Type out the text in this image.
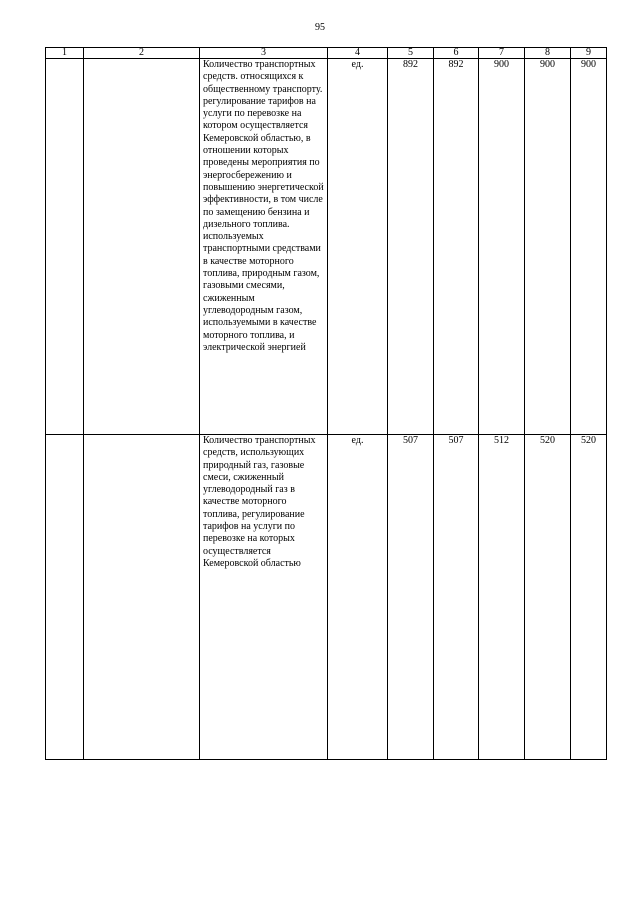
95
1	2	3	4	5	6	7	8	9
		Количество транспортных средств. относящихся к общественному транспорту. регулирование тарифов на услуги по перевозке на котором осуществляется Кемеровской областью, в отношении которых проведены мероприятия по энергосбережению и повышению энергетической эффективности, в том числе по замещению бензина и дизельного топлива. используемых транспортными средствами в качестве моторного топлива, природным газом, газовыми смесями, сжиженным углеводородным газом, используемыми в качестве моторного топлива, и электрической энергией	ед.	892	892	900	900	900
		Количество транспортных средств, использующих природный газ, газовые смеси, сжиженный углеводородный газ в качестве моторного топлива, регулирование тарифов на услуги по перевозке на которых осуществляется Кемеровской областью	ед.	507	507	512	520	520
